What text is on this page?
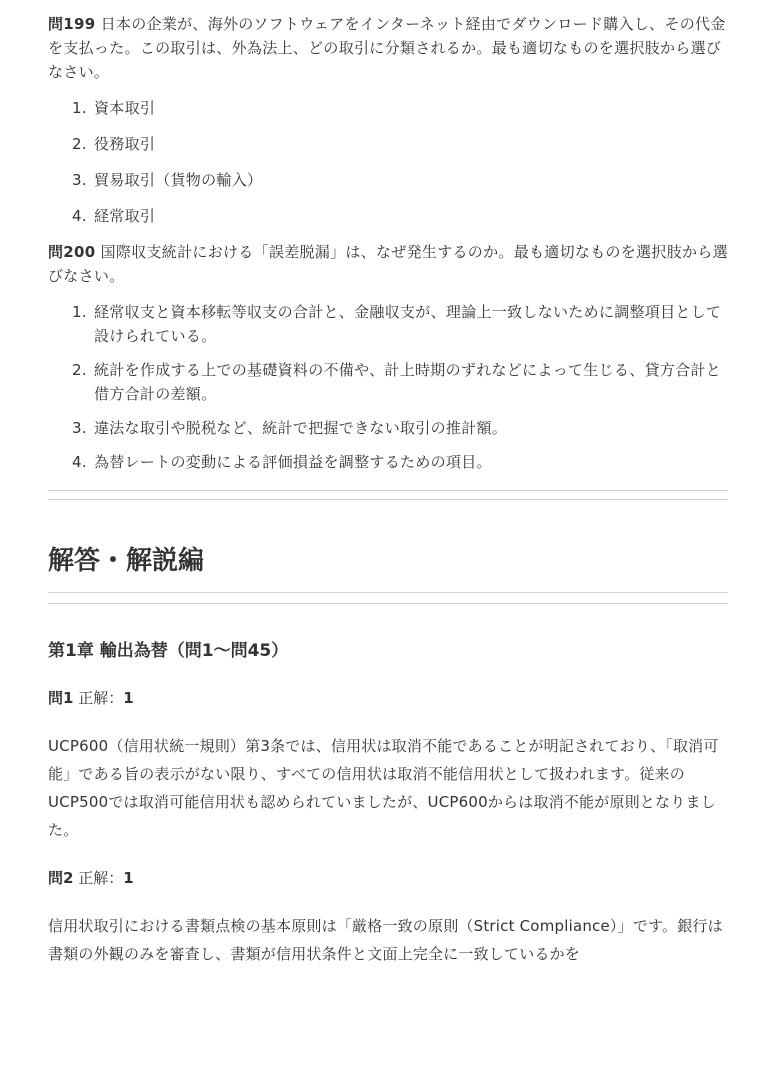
問199 日本の企業が、海外のソフトウェアをインターネット経由でダウンロード購入し、その代金を支払った。この取引は、外為法上、どの取引に分類されるか。最も適切なものを選択肢から選びなさい。

1. 資本取引
2. 役務取引
3. 貿易取引（貨物の輸入）
4. 経常取引

問200 国際収支統計における「誤差脱漏」は、なぜ発生するのか。最も適切なものを選択肢から選びなさい。

1. 経常収支と資本移転等収支の合計と、金融収支が、理論上一致しないために調整項目として設けられている。
2. 統計を作成する上での基礎資料の不備や、計上時期のずれなどによって生じる、貸方合計と借方合計の差額。
3. 違法な取引や脱税など、統計で把握できない取引の推計額。
4. 為替レートの変動による評価損益を調整するための項目。
解答・解説編
第1章 輸出為替（問1〜問45）
問1 正解：1

UCP600（信用状統一規則）第3条では、信用状は取消不能であることが明記されており、「取消可能」である旨の表示がない限り、すべての信用状は取消不能信用状として扱われます。従来のUCP500では取消可能信用状も認められていましたが、UCP600からは取消不能が原則となりました。

問2 正解：1

信用状取引における書類点検の基本原則は「厳格一致の原則（Strict Compliance）」です。銀行は書類の外観のみを審査し、書類が信用状条件と文面上完全に一致しているかを
